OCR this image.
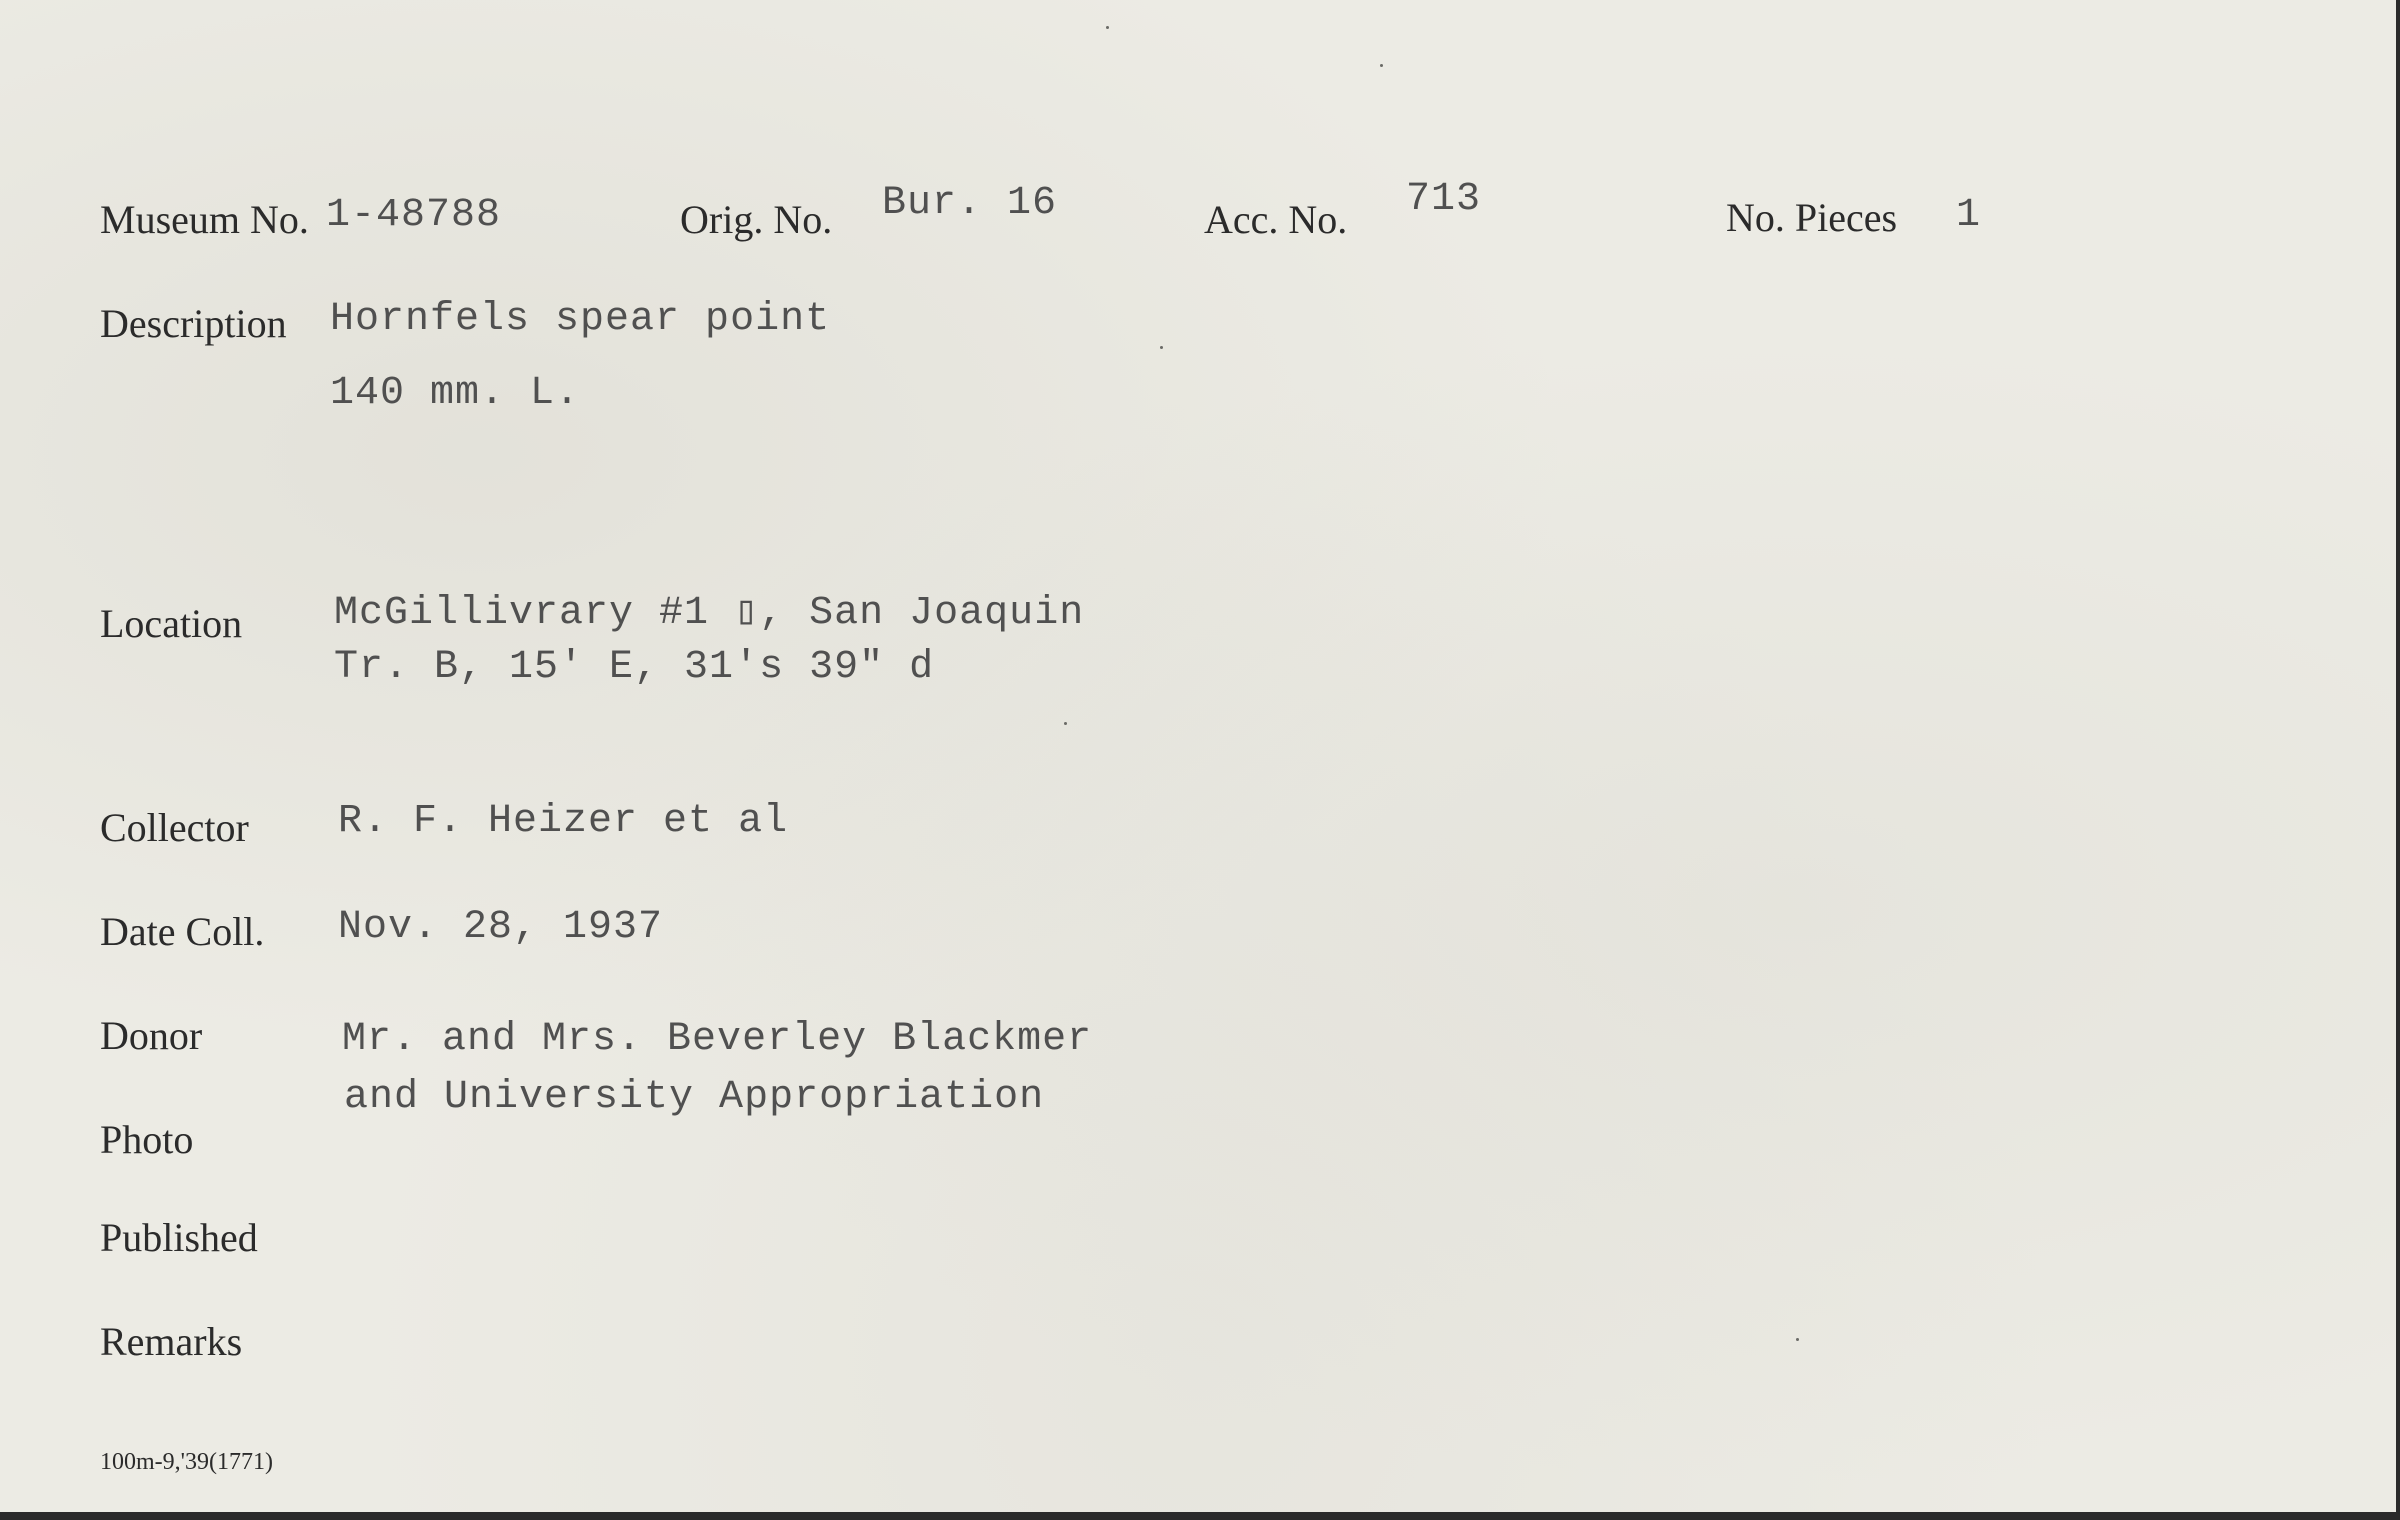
Museum No. 1-48788	Orig. No. Bur. 16	Acc. No. 713	No. Pieces 1
Description Hornfels spear point
140 mm. L.
Location McGillivrary #1 ▯, San Joaquin
Tr. B, 15' E, 31's 39" d
Collector R. F. Heizer et al
Date Coll. Nov. 28, 1937
Donor	Mr. and Mrs. Beverley Blackmer
and University Appropriation
Photo
Published
Remarks
100m-9,'39(1771)
